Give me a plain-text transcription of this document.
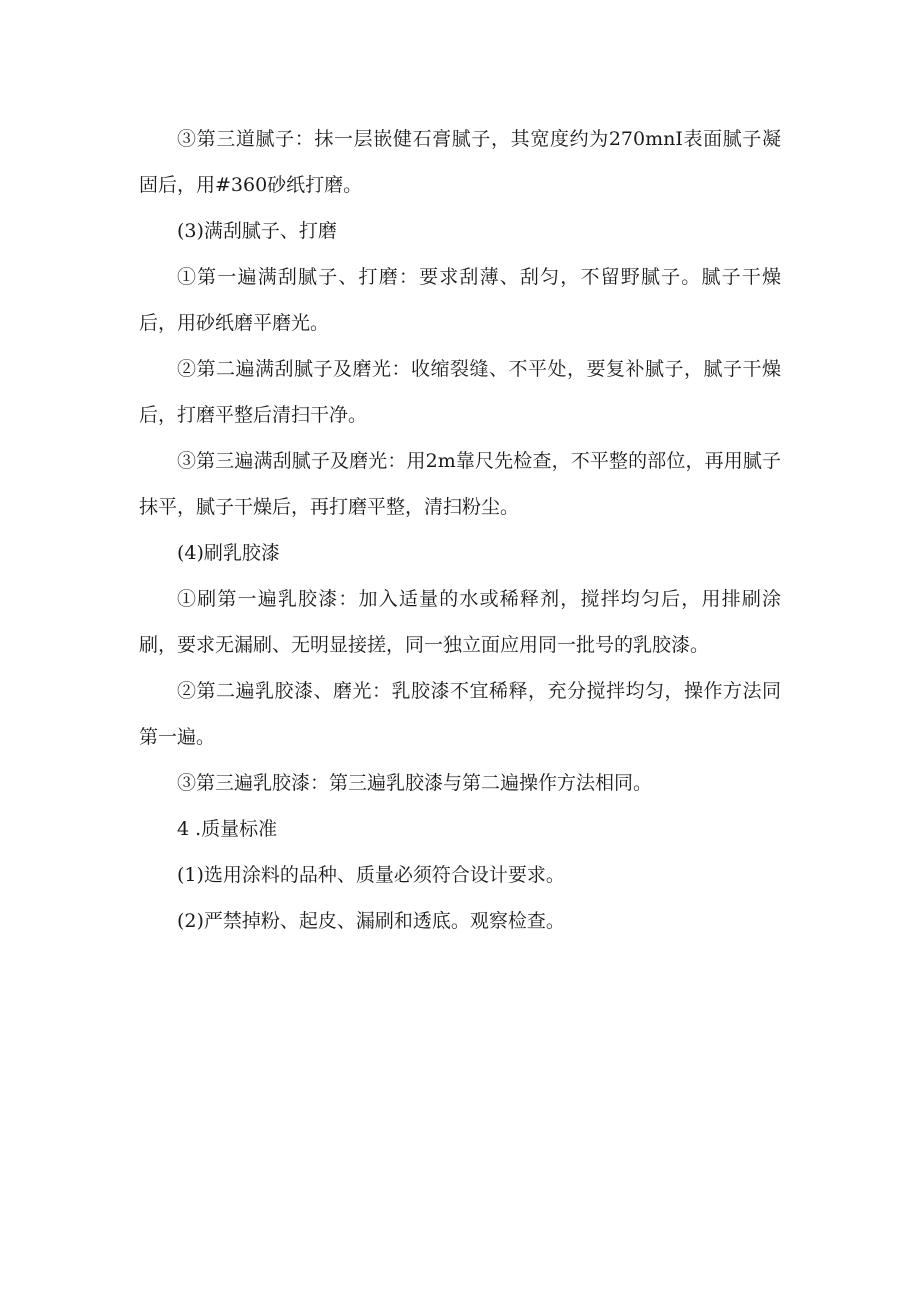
③第三道腻子：抹一层嵌健石膏腻子，其宽度约为270mnI表面腻子凝固后，用#360砂纸打磨。

(3)满刮腻子、打磨

①第一遍满刮腻子、打磨：要求刮薄、刮匀，不留野腻子。腻子干燥后，用砂纸磨平磨光。

②第二遍满刮腻子及磨光：收缩裂缝、不平处，要复补腻子，腻子干燥后，打磨平整后清扫干净。

③第三遍满刮腻子及磨光：用2m靠尺先检查，不平整的部位，再用腻子抹平，腻子干燥后，再打磨平整，清扫粉尘。

(4)刷乳胶漆

①刷第一遍乳胶漆：加入适量的水或稀释剂，搅拌均匀后，用排刷涂刷，要求无漏刷、无明显接搓，同一独立面应用同一批号的乳胶漆。

②第二遍乳胶漆、磨光：乳胶漆不宜稀释，充分搅拌均匀，操作方法同第一遍。

③第三遍乳胶漆：第三遍乳胶漆与第二遍操作方法相同。

4 .质量标准

(1)选用涂料的品种、质量必须符合设计要求。

(2)严禁掉粉、起皮、漏刷和透底。观察检查。
